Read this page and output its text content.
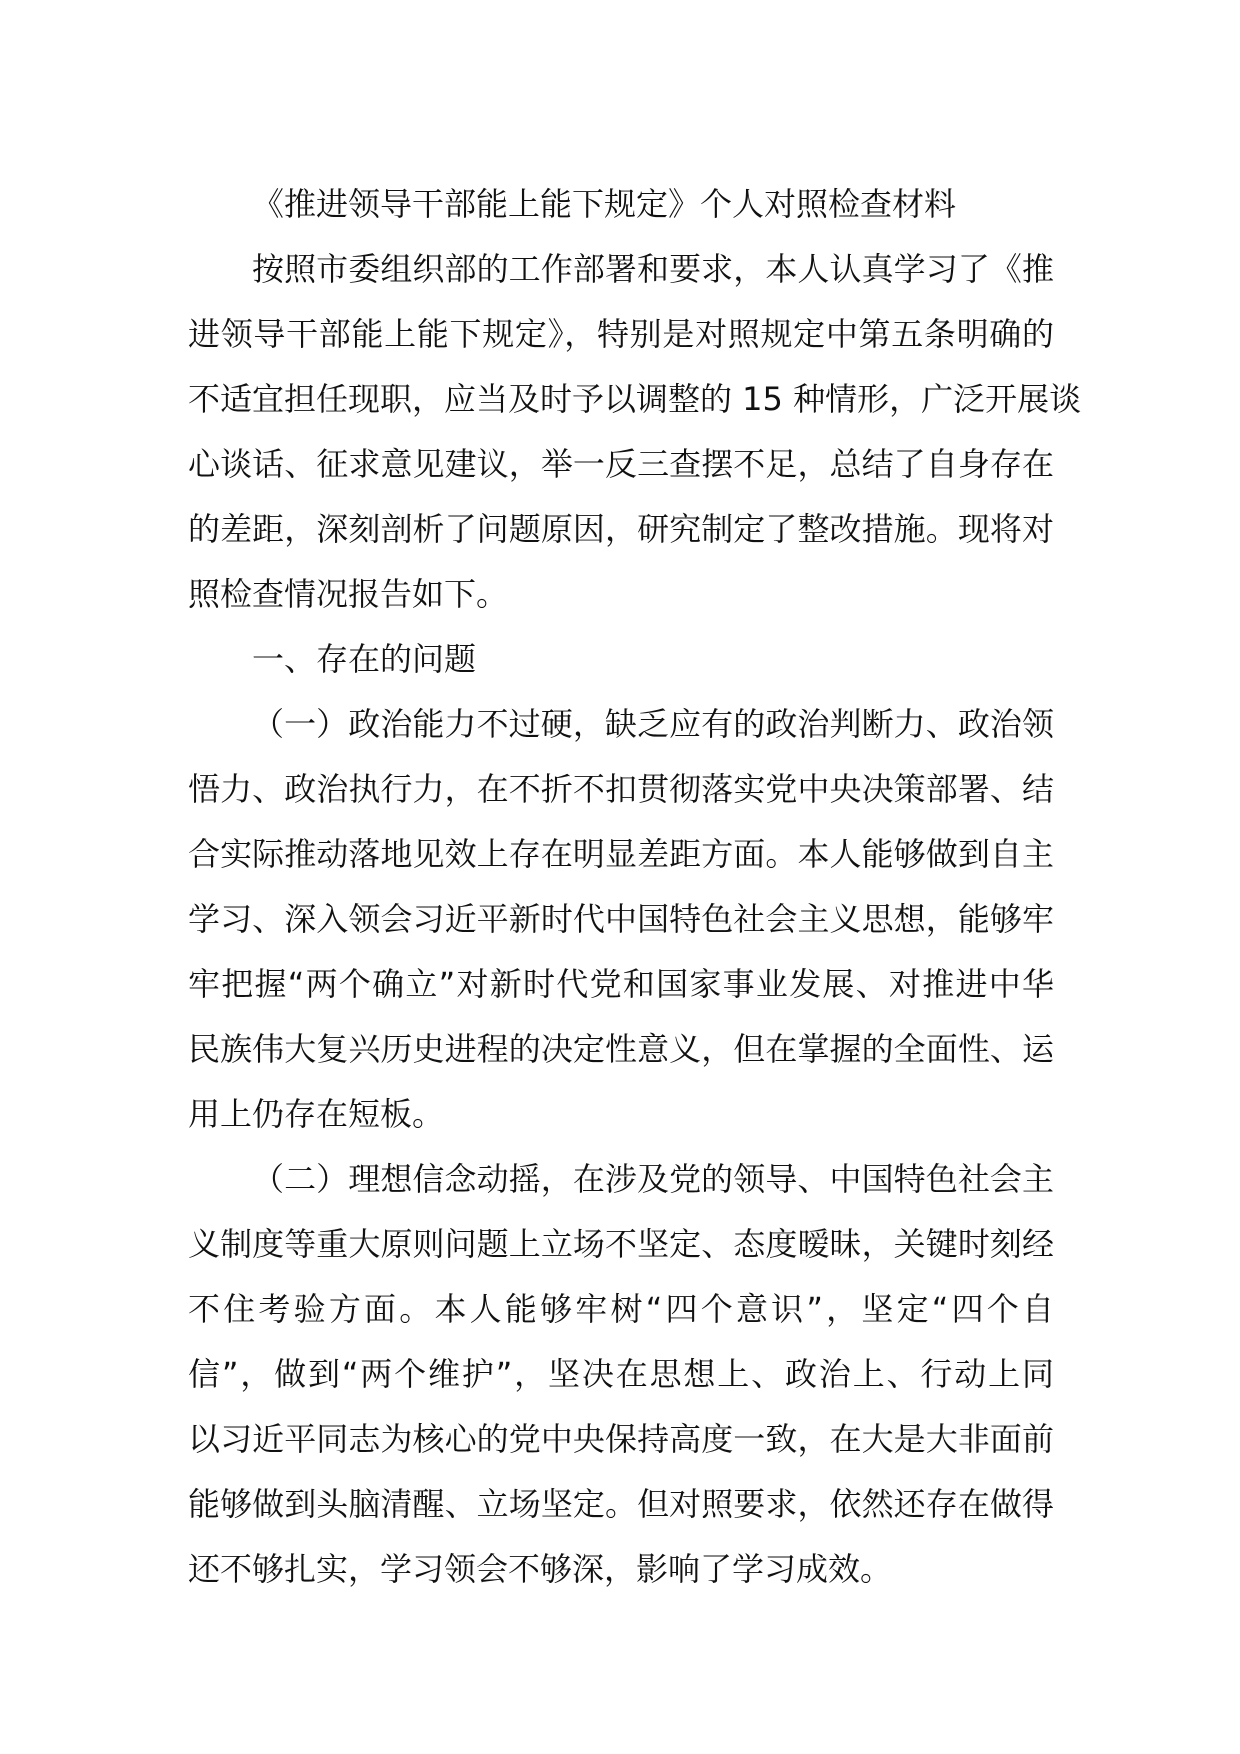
《推进领导干部能上能下规定》个人对照检查材料
按照市委组织部的工作部署和要求，本人认真学习了《推
进领导干部能上能下规定》，特别是对照规定中第五条明确的
不适宜担任现职，应当及时予以调整的 15 种情形，广泛开展谈
心谈话、征求意见建议，举一反三查摆不足，总结了自身存在
的差距，深刻剖析了问题原因，研究制定了整改措施。现将对
照检查情况报告如下。
一、存在的问题
（一）政治能力不过硬，缺乏应有的政治判断力、政治领
悟力、政治执行力，在不折不扣贯彻落实党中央决策部署、结
合实际推动落地见效上存在明显差距方面。本人能够做到自主
学习、深入领会习近平新时代中国特色社会主义思想，能够牢
牢把握“两个确立”对新时代党和国家事业发展、对推进中华
民族伟大复兴历史进程的决定性意义，但在掌握的全面性、运
用上仍存在短板。
（二）理想信念动摇，在涉及党的领导、中国特色社会主
义制度等重大原则问题上立场不坚定、态度暧昧，关键时刻经
不住考验方面。本人能够牢树“四个意识”，坚定“四个自
信”，做到“两个维护”，坚决在思想上、政治上、行动上同
以习近平同志为核心的党中央保持高度一致，在大是大非面前
能够做到头脑清醒、立场坚定。但对照要求，依然还存在做得
还不够扎实，学习领会不够深，影响了学习成效。
